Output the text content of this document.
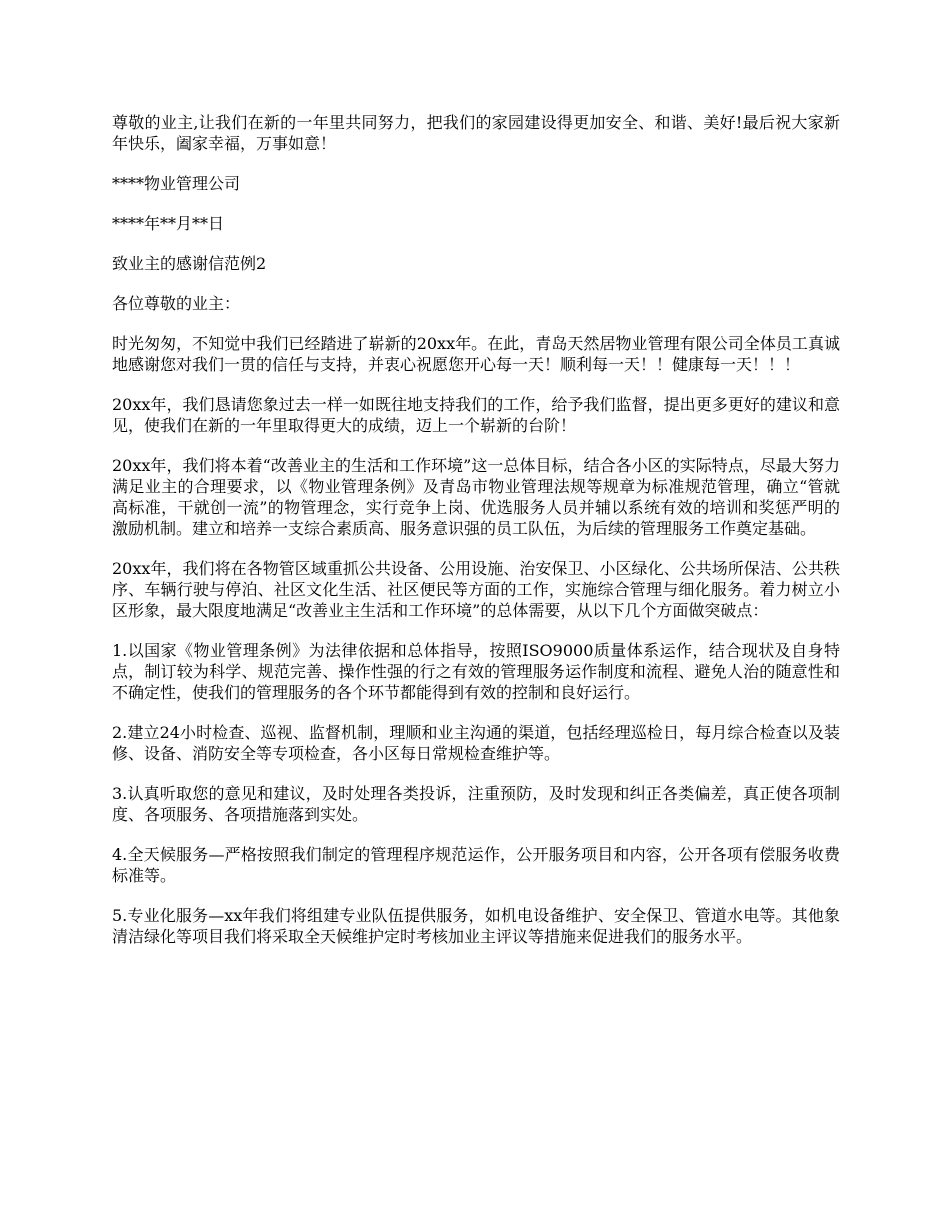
尊敬的业主,让我们在新的一年里共同努力，把我们的家园建设得更加安全、和谐、美好!最后祝大家新年快乐，阖家幸福，万事如意！

****物业管理公司

****年**月**日

致业主的感谢信范例2

各位尊敬的业主：

时光匆匆，不知觉中我们已经踏进了崭新的20xx年。在此，青岛天然居物业管理有限公司全体员工真诚地感谢您对我们一贯的信任与支持，并衷心祝愿您开心每一天！顺利每一天！！健康每一天！！！

20xx年，我们恳请您象过去一样一如既往地支持我们的工作，给予我们监督，提出更多更好的建议和意见，使我们在新的一年里取得更大的成绩，迈上一个崭新的台阶！

20xx年，我们将本着“改善业主的生活和工作环境”这一总体目标，结合各小区的实际特点，尽最大努力满足业主的合理要求，以《物业管理条例》及青岛市物业管理法规等规章为标准规范管理，确立“管就高标准，干就创一流”的物管理念，实行竞争上岗、优选服务人员并辅以系统有效的培训和奖惩严明的激励机制。建立和培养一支综合素质高、服务意识强的员工队伍，为后续的管理服务工作奠定基础。

20xx年，我们将在各物管区域重抓公共设备、公用设施、治安保卫、小区绿化、公共场所保洁、公共秩序、车辆行驶与停泊、社区文化生活、社区便民等方面的工作，实施综合管理与细化服务。着力树立小区形象，最大限度地满足“改善业主生活和工作环境”的总体需要，从以下几个方面做突破点：

1.以国家《物业管理条例》为法律依据和总体指导，按照ISO9000质量体系运作，结合现状及自身特点，制订较为科学、规范完善、操作性强的行之有效的管理服务运作制度和流程、避免人治的随意性和不确定性，使我们的管理服务的各个环节都能得到有效的控制和良好运行。

2.建立24小时检查、巡视、监督机制，理顺和业主沟通的渠道，包括经理巡检日，每月综合检查以及装修、设备、消防安全等专项检查，各小区每日常规检查维护等。

3.认真听取您的意见和建议，及时处理各类投诉，注重预防，及时发现和纠正各类偏差，真正使各项制度、各项服务、各项措施落到实处。

4.全天候服务—严格按照我们制定的管理程序规范运作，公开服务项目和内容，公开各项有偿服务收费标准等。

5.专业化服务—xx年我们将组建专业队伍提供服务，如机电设备维护、安全保卫、管道水电等。其他象清洁绿化等项目我们将采取全天候维护定时考核加业主评议等措施来促进我们的服务水平。
